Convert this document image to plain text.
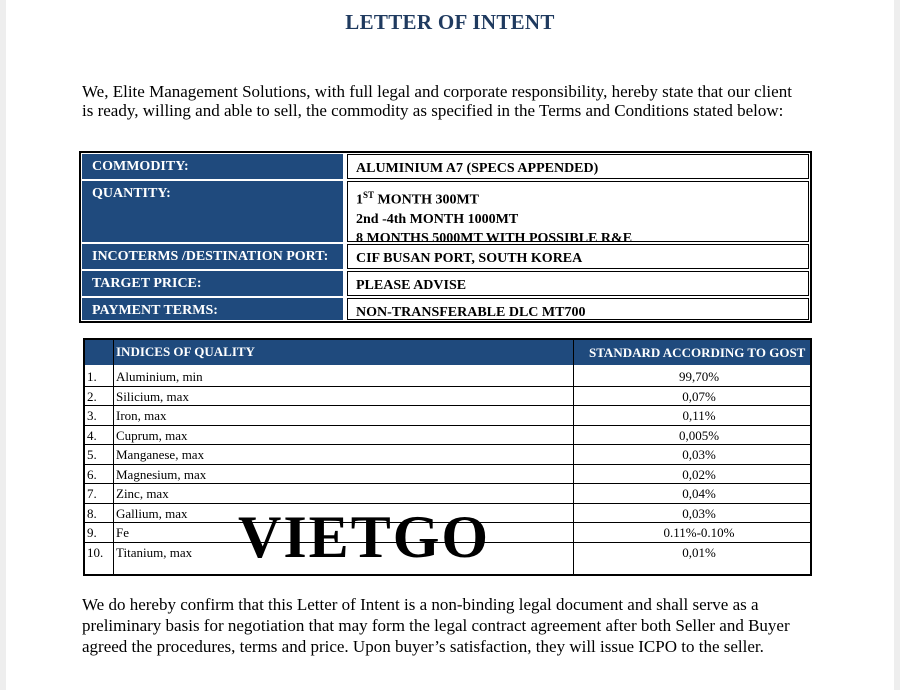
LETTER OF INTENT

We, Elite Management Solutions, with full legal and corporate responsibility, hereby state that our client is ready, willing and able to sell, the commodity as specified in the Terms and Conditions stated below:

COMMODITY:	ALUMINIUM A7 (SPECS APPENDED)
QUANTITY:	1ST MONTH 300MT
2nd -4th MONTH 1000MT
8 MONTHS 5000MT WITH POSSIBLE R&E
INCOTERMS /DESTINATION PORT:	CIF BUSAN PORT, SOUTH KOREA
TARGET PRICE:	PLEASE ADVISE
PAYMENT TERMS:	NON-TRANSFERABLE DLC MT700
INDICES OF QUALITY	STANDARD ACCORDING TO GOST
1. Aluminium, min	99,70%
2. Silicium, max	0,07%
3. Iron, max	0,11%
4. Cuprum, max	0,005%
5. Manganese, max	0,03%
6. Magnesium, max	0,02%
7. Zinc, max	0,04%
8. Gallium, max	0,03%
9. Fe	0.11%-0.10%
10. Titanium, max	0,01%
VIETGO

We do hereby confirm that this Letter of Intent is a non-binding legal document and shall serve as a preliminary basis for negotiation that may form the legal contract agreement after both Seller and Buyer agreed the procedures, terms and price. Upon buyer’s satisfaction, they will issue ICPO to the seller.
